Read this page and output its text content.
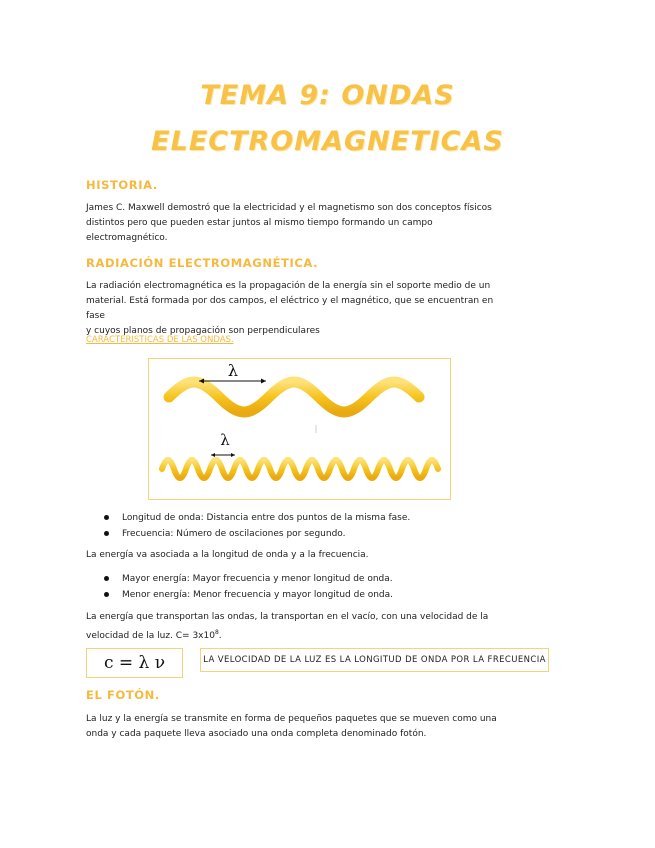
TEMA 9: ONDAS
ELECTROMAGNETICAS
HISTORIA.
James C. Maxwell demostró que la electricidad y el magnetismo son dos conceptos físicos
distintos pero que pueden estar juntos al mismo tiempo formando un campo
electromagnético.
RADIACIÓN ELECTROMAGNÉTICA.
La radiación electromagnética es la propagación de la energía sin el soporte medio de un
material. Está formada por dos campos, el eléctrico y el magnético, que se encuentran en fase
y cuyos planos de propagación son perpendiculares
CARACTERISTICAS DE LAS ONDAS.
λ
λ
Longitud de onda: Distancia entre dos puntos de la misma fase.
Frecuencia: Número de oscilaciones por segundo.
La energía va asociada a la longitud de onda y a la frecuencia.
Mayor energía: Mayor frecuencia y menor longitud de onda.
Menor energía: Menor frecuencia y mayor longitud de onda.
La energía que transportan las ondas, la transportan en el vacío, con una velocidad de la
velocidad de la luz. $C= 3x10^8$.
c = λ ν	LA VELOCIDAD DE LA LUZ ES LA LONGITUD DE ONDA POR LA FRECUENCIA
EL FOTÓN.
La luz y la energía se transmite en forma de pequeños paquetes que se mueven como una
onda y cada paquete lleva asociado una onda completa denominado fotón.
